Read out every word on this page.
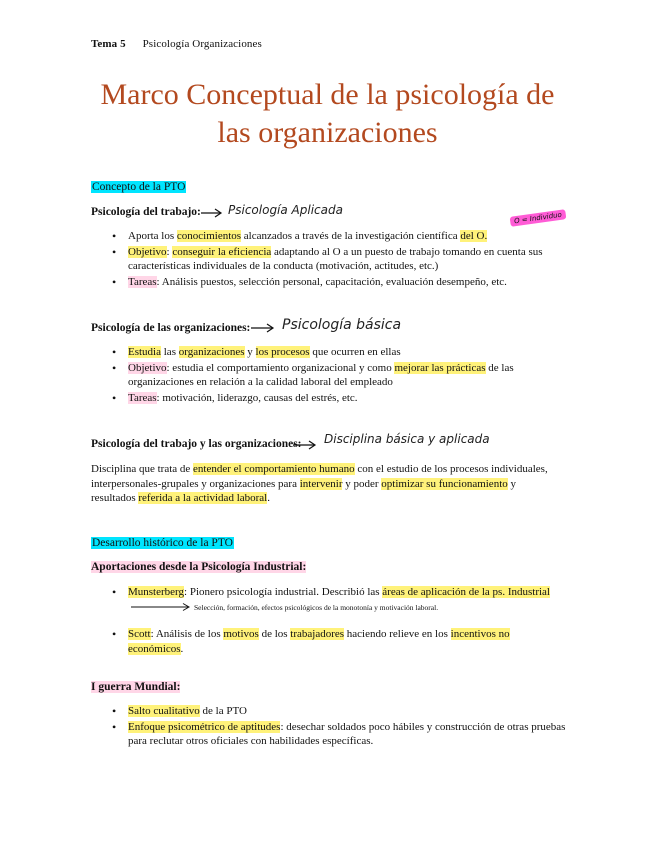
Tema 5 Psicología Organizaciones
Marco Conceptual de la psicología de
las organizaciones
Concepto de la PTO
Psicología del trabajo: Psicología Aplicada
O = Individuo
• Aporta los conocimientos alcanzados a través de la investigación científica del O.
• Objetivo: conseguir la eficiencia adaptando al O a un puesto de trabajo tomando en cuenta sus características individuales de la conducta (motivación, actitudes, etc.)
• Tareas: Análisis puestos, selección personal, capacitación, evaluación desempeño, etc.
Psicología de las organizaciones: Psicología básica
• Estudia las organizaciones y los procesos que ocurren en ellas
• Objetivo: estudia el comportamiento organizacional y como mejorar las prácticas de las organizaciones en relación a la calidad laboral del empleado
• Tareas: motivación, liderazgo, causas del estrés, etc.
Psicología del trabajo y las organizaciones: Disciplina básica y aplicada
Disciplina que trata de entender el comportamiento humano con el estudio de los procesos individuales, interpersonales-grupales y organizaciones para intervenir y poder optimizar su funcionamiento y resultados referida a la actividad laboral.
Desarrollo histórico de la PTO
Aportaciones desde la Psicología Industrial:
• Munsterberg: Pionero psicología industrial. Describió las áreas de aplicación de la ps. Industrial Selección, formación, efectos psicológicos de la monotonía y motivación laboral.
• Scott: Análisis de los motivos de los trabajadores haciendo relieve en los incentivos no económicos.
I guerra Mundial:
• Salto cualitativo de la PTO
• Enfoque psicométrico de aptitudes: desechar soldados poco hábiles y construcción de otras pruebas para reclutar otros oficiales con habilidades específicas.
